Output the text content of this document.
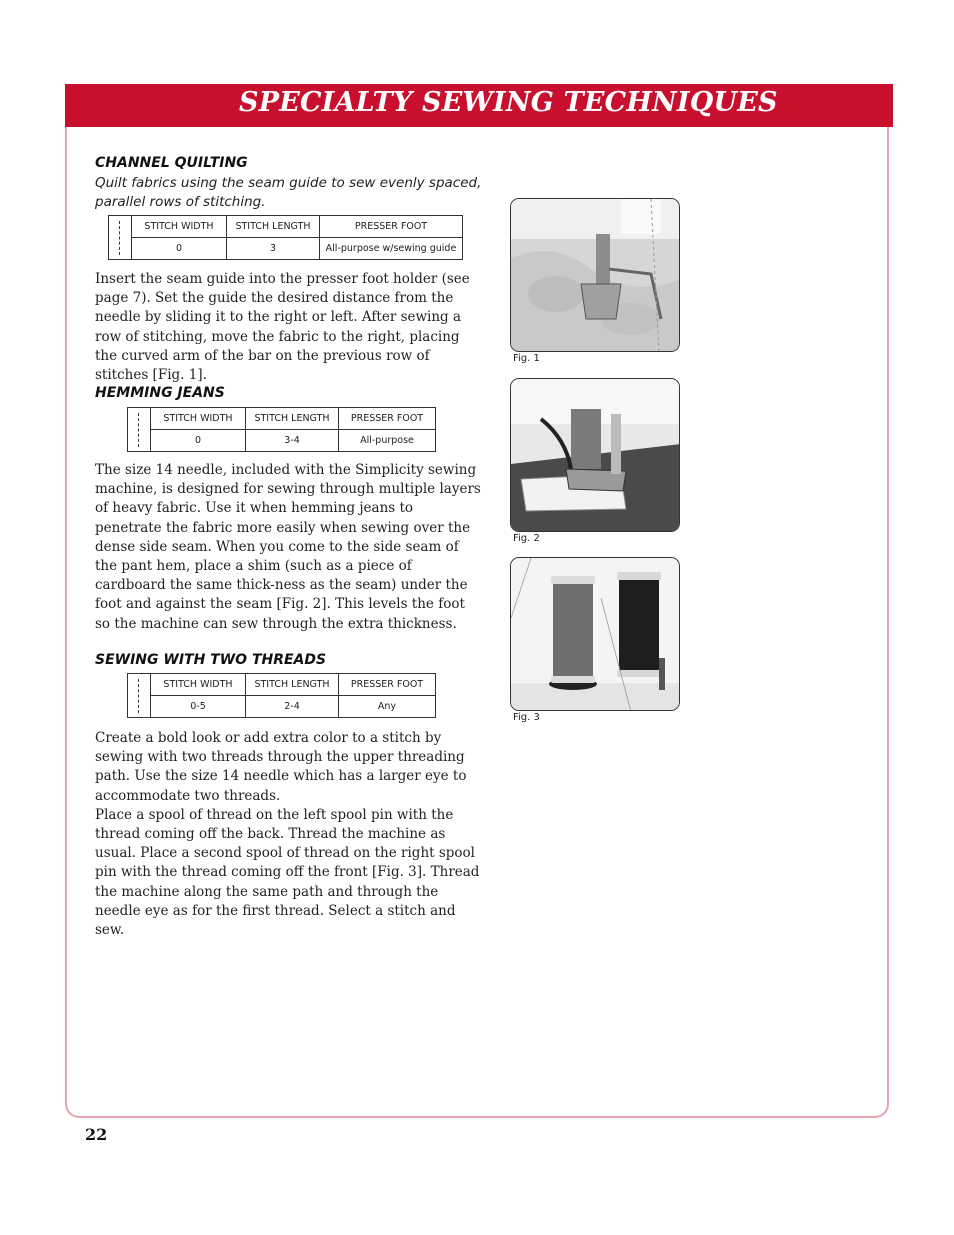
SPECIALTY SEWING TECHNIQUES
CHANNEL QUILTING
Quilt fabrics using the seam guide to sew evenly spaced, parallel rows of stitching.
	STITCH WIDTH	STITCH LENGTH	PRESSER FOOT
	0	3	All-purpose w/sewing guide

Insert the seam guide into the presser foot holder (see page 7). Set the guide the desired distance from the needle by sliding it to the right or left. After sewing a row of stitching, move the fabric to the right, placing the curved arm of the bar on the previous row of stitches [Fig. 1].

HEMMING JEANS
	STITCH WIDTH	STITCH LENGTH	PRESSER FOOT
	0	3-4	All-purpose

The size 14 needle, included with the Simplicity sewing machine, is designed for sewing through multiple layers of heavy fabric. Use it when hemming jeans to penetrate the fabric more easily when sewing over the dense side seam. When you come to the side seam of the pant hem, place a shim (such as a piece of cardboard the same thick-ness as the seam) under the foot and against the seam [Fig. 2]. This levels the foot so the machine can sew through the extra thickness.

SEWING WITH TWO THREADS
	STITCH WIDTH	STITCH LENGTH	PRESSER FOOT
	0-5	2-4	Any

Create a bold look or add extra color to a stitch by sewing with two threads through the upper threading path. Use the size 14 needle which has a larger eye to accommodate two threads.

Place a spool of thread on the left spool pin with the thread coming off the back. Thread the machine as usual. Place a second spool of thread on the right spool pin with the thread coming off the front [Fig. 3]. Thread the machine along the same path and through the needle eye as for the first thread. Select a stitch and sew.

Fig. 1
Fig. 2
Fig. 3
22
